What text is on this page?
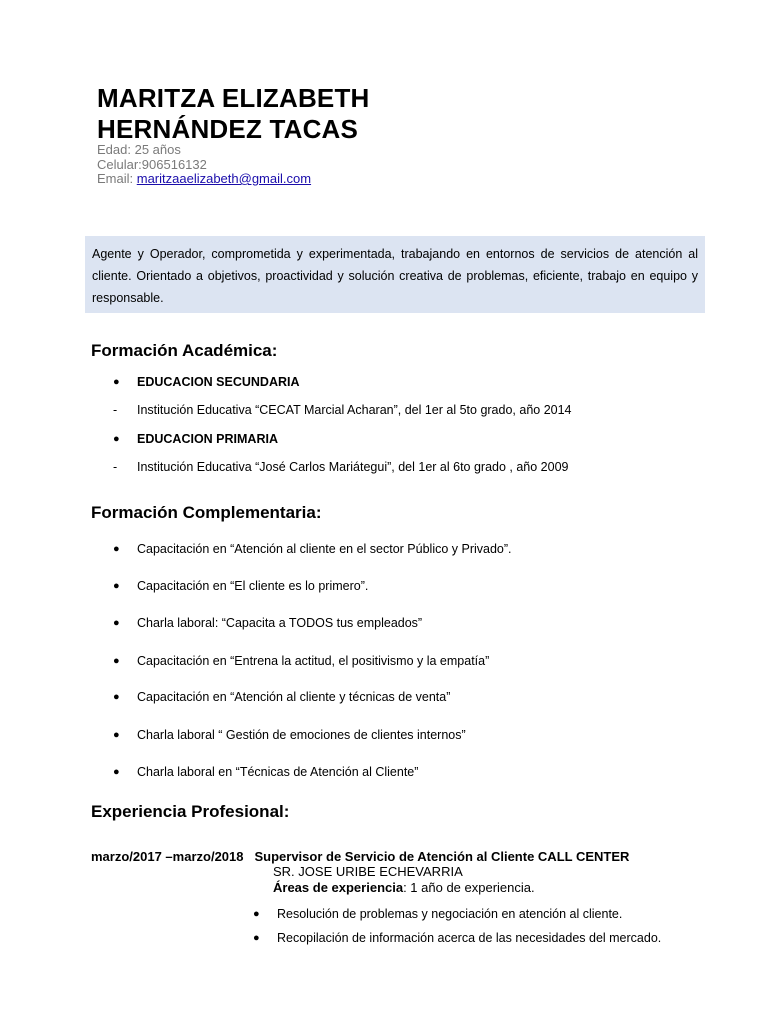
MARITZA ELIZABETH
HERNÁNDEZ TACAS
Edad: 25 años
Celular:906516132
Email: maritzaaelizabeth@gmail.com
Agente y Operador, comprometida y experimentada, trabajando en entornos de servicios de atención al cliente. Orientado a objetivos, proactividad y solución creativa de problemas, eficiente, trabajo en equipo y responsable.
Formación Académica:
● EDUCACION SECUNDARIA
- Institución Educativa “CECAT Marcial Acharan”, del 1er al 5to grado, año 2014
● EDUCACION PRIMARIA
- Institución Educativa “José Carlos Mariátegui”, del 1er al 6to grado , año 2009
Formación Complementaria:
● Capacitación en “Atención al cliente en el sector Público y Privado”.
● Capacitación en “El cliente es lo primero”.
● Charla laboral: “Capacita a TODOS tus empleados”
● Capacitación en “Entrena la actitud, el positivismo y la empatía”
● Capacitación en “Atención al cliente y técnicas de venta”
● Charla laboral “ Gestión de emociones de clientes internos”
● Charla laboral en “Técnicas de Atención al Cliente”
Experiencia Profesional:
marzo/2017 –marzo/2018 Supervisor de Servicio de Atención al Cliente CALL CENTER
SR. JOSE URIBE ECHEVARRIA
Áreas de experiencia: 1 año de experiencia.
● Resolución de problemas y negociación en atención al cliente.
● Recopilación de información acerca de las necesidades del mercado.
